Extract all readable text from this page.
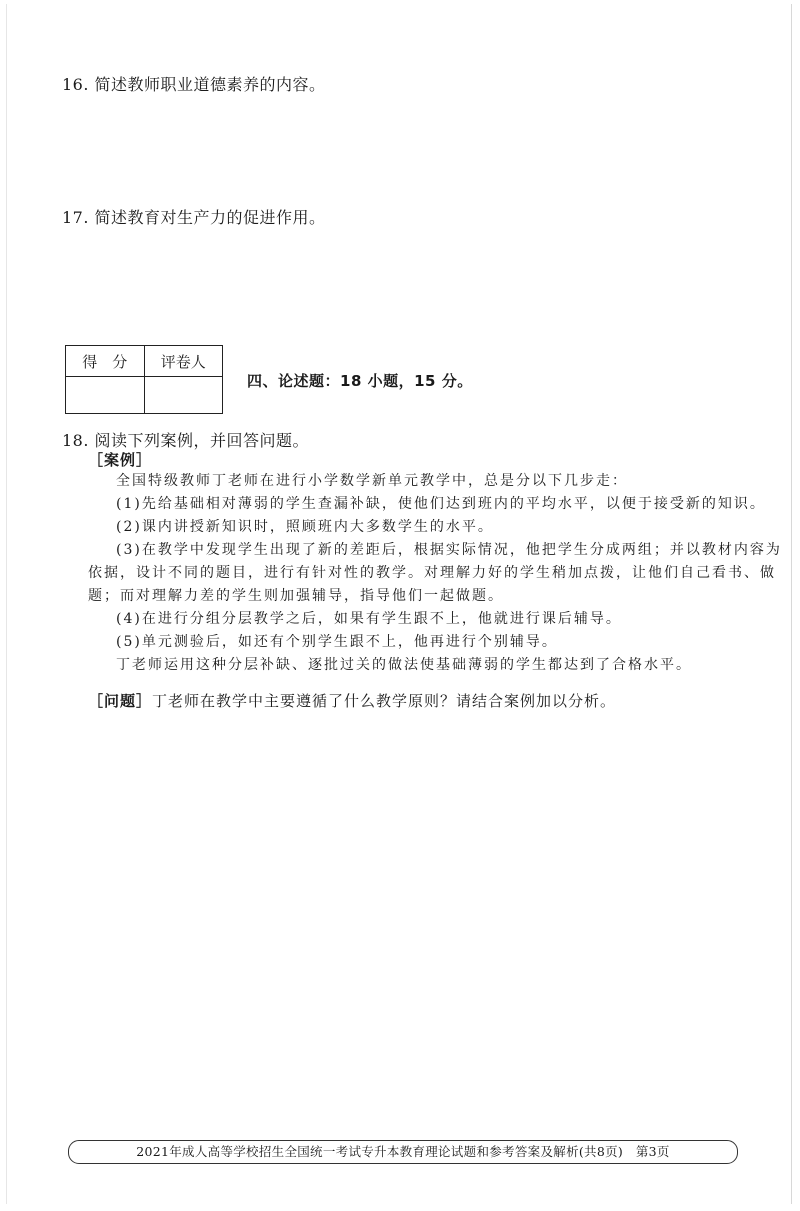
16. 简述教师职业道德素养的内容。
17. 简述教育对生产力的促进作用。
得　分	评卷人

四、论述题：18 小题，15 分。
18. 阅读下列案例，并回答问题。
［案例］

全国特级教师丁老师在进行小学数学新单元教学中，总是分以下几步走：

(1)先给基础相对薄弱的学生查漏补缺，使他们达到班内的平均水平，以便于接受新的知识。

(2)课内讲授新知识时，照顾班内大多数学生的水平。

(3)在教学中发现学生出现了新的差距后，根据实际情况，他把学生分成两组；并以教材内容为依据，设计不同的题目，进行有针对性的教学。对理解力好的学生稍加点拨，让他们自己看书、做题；而对理解力差的学生则加强辅导，指导他们一起做题。

(4)在进行分组分层教学之后，如果有学生跟不上，他就进行课后辅导。

(5)单元测验后，如还有个别学生跟不上，他再进行个别辅导。

丁老师运用这种分层补缺、逐批过关的做法使基础薄弱的学生都达到了合格水平。

［问题］丁老师在教学中主要遵循了什么教学原则？请结合案例加以分析。
2021年成人高等学校招生全国统一考试专升本教育理论试题和参考答案及解析(共8页)　第3页
